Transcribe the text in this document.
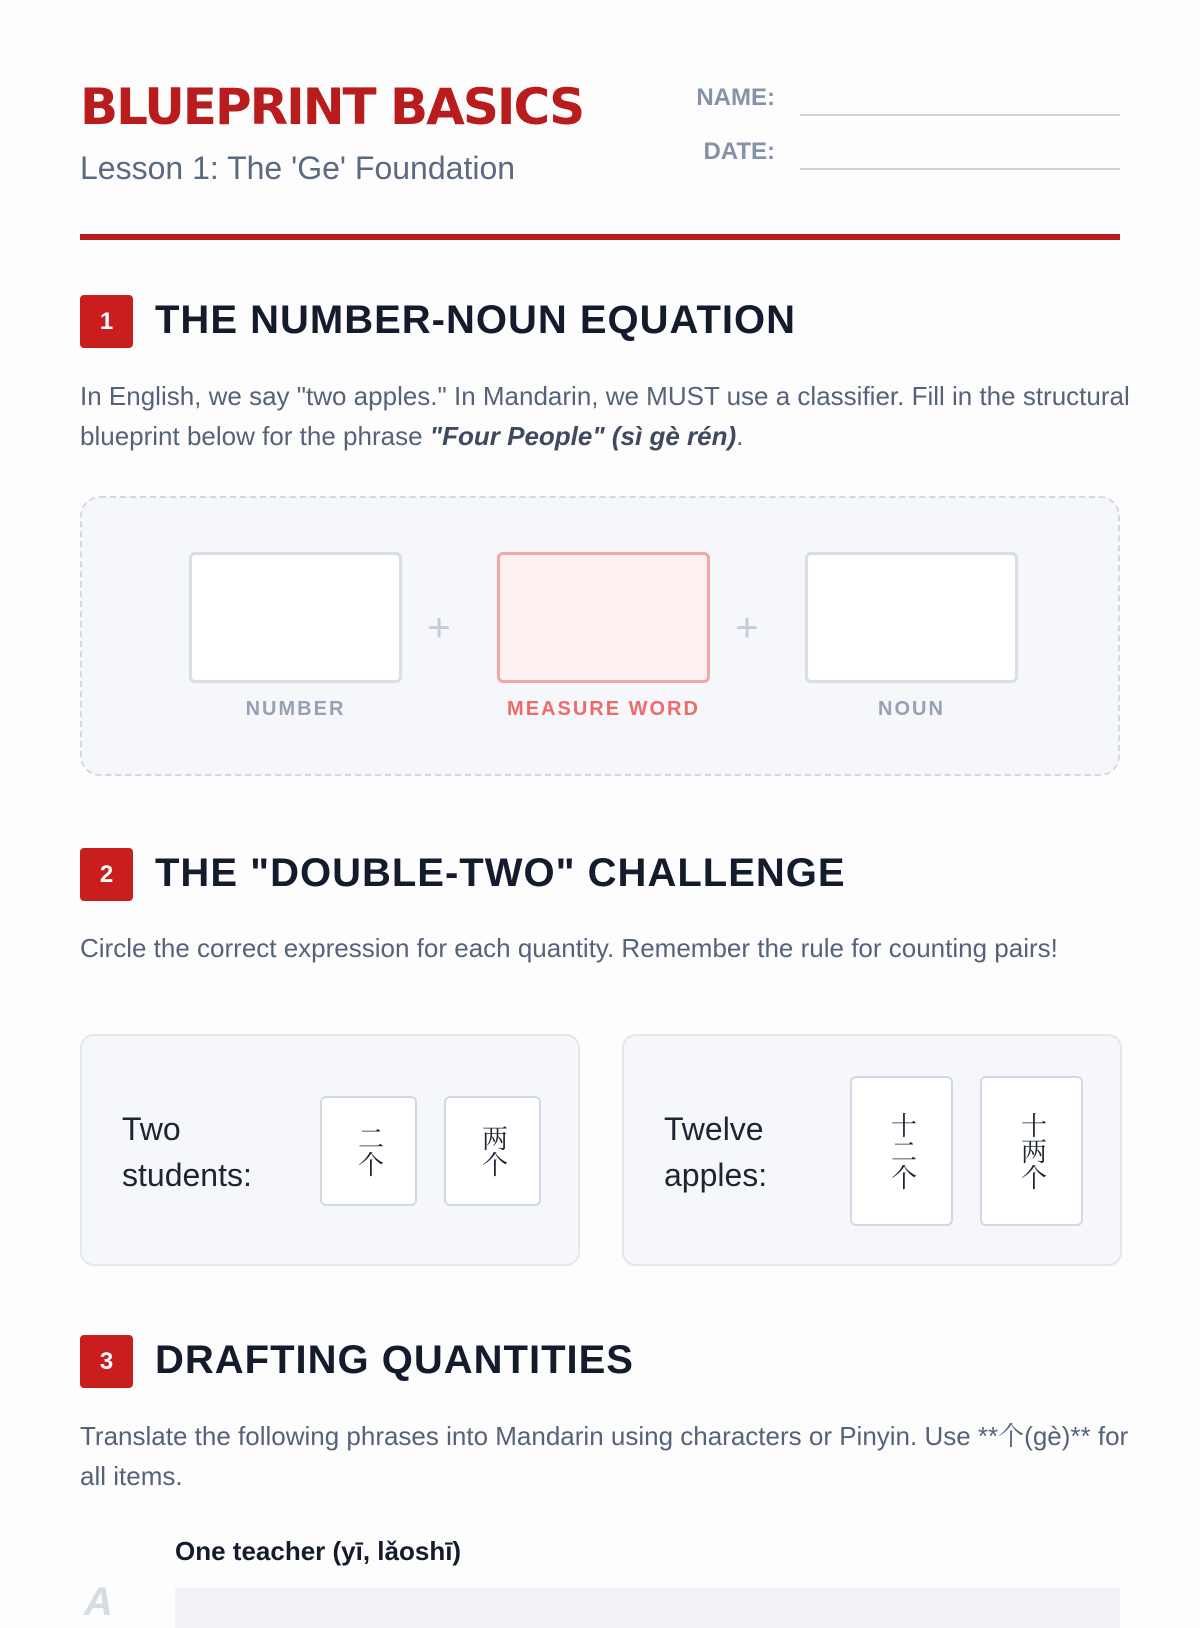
BLUEPRINT BASICS
Lesson 1: The 'Ge' Foundation
NAME:
DATE:
1	THE NUMBER-NOUN EQUATION
In English, we say "two apples." In Mandarin, we MUST use a classifier. Fill in the structural blueprint below for the phrase "Four People" (sì gè rén).
+	+
NUMBER	MEASURE WORD	NOUN
2	THE "DOUBLE-TWO" CHALLENGE
Circle the correct expression for each quantity. Remember the rule for counting pairs!
Two students:	二个	两个	Twelve apples:	十二个	十两个
3	DRAFTING QUANTITIES
Translate the following phrases into Mandarin using characters or Pinyin. Use **个(gè)** for all items.
A
One teacher (yī, lǎoshī)
